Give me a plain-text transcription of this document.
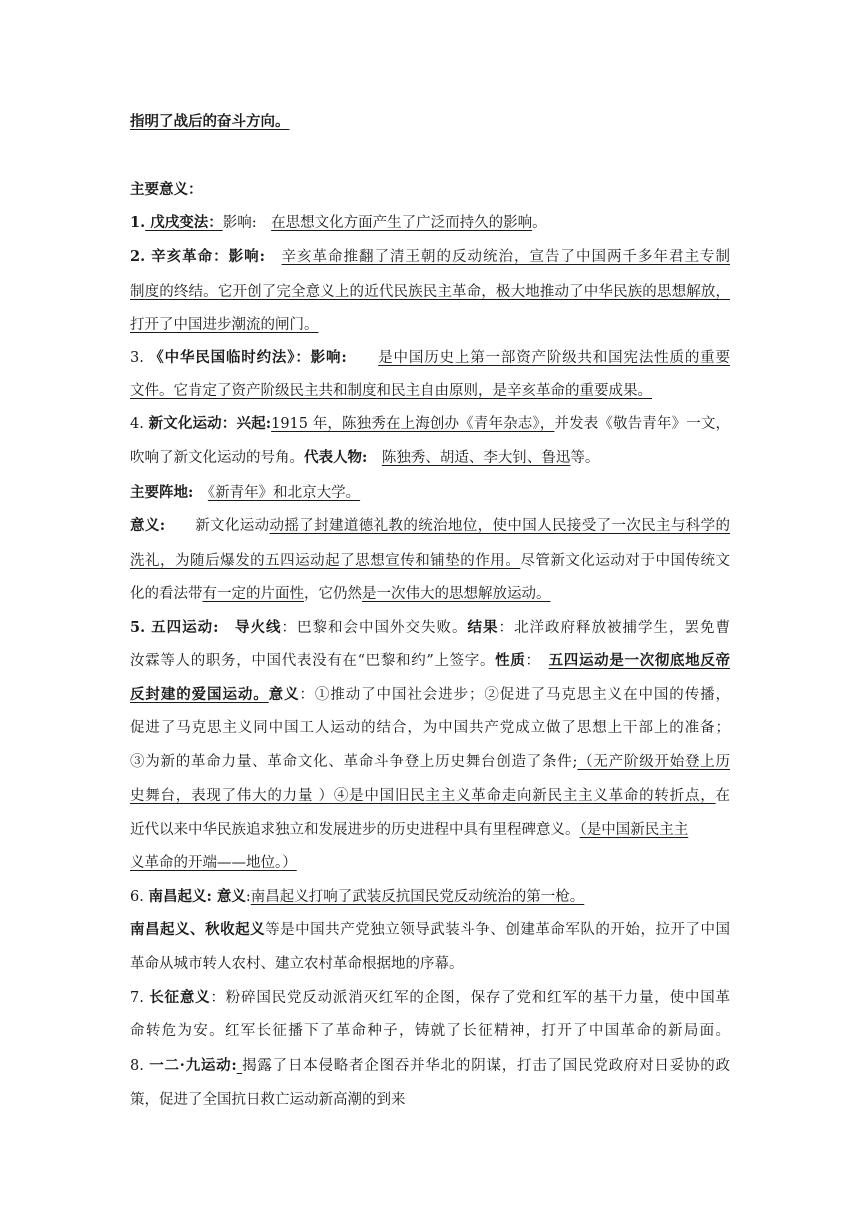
指明了战后的奋斗方向。
主要意义：
1. 戊戌变法：影响:　在思想文化方面产生了广泛而持久的影响。
2. 辛亥革命：影响:　辛亥革命推翻了清王朝的反动统治，宣告了中国两千多年君主专制
制度的终结。它开创了完全意义上的近代民族民主革命，极大地推动了中华民族的思想解放，
打开了中国进步潮流的闸门。
3. 《中华民国临时约法》：影响:　　是中国历史上第一部资产阶级共和国宪法性质的重要
文件。它肯定了资产阶级民主共和制度和民主自由原则，是辛亥革命的重要成果。
4. 新文化运动：兴起:1915 年，陈独秀在上海创办《青年杂志》，并发表《敬告青年》一文，
吹响了新文化运动的号角。代表人物:　 陈独秀、胡适、李大钊、鲁迅等。
主要阵地:　 《新青年》和北京大学。
意义:　　新文化运动动摇了封建道德礼教的统治地位，使中国人民接受了一次民主与科学的
洗礼，为随后爆发的五四运动起了思想宣传和铺垫的作用。尽管新文化运动对于中国传统文
化的看法带有一定的片面性，它仍然是一次伟大的思想解放运动。
5. 五四运动:　导火线：巴黎和会中国外交失败。结果：北洋政府释放被捕学生，罢免曹
汝霖等人的职务，中国代表没有在“巴黎和约”上签字。性质：　五四运动是一次彻底地反帝
反封建的爱国运动。意义：①推动了中国社会进步；②促进了马克思主义在中国的传播，
促进了马克思主义同中国工人运动的结合，为中国共产党成立做了思想上干部上的准备；
③为新的革命力量、革命文化、革命斗争登上历史舞台创造了条件;（无产阶级开始登上历
史舞台，表现了伟大的力量 ）④是中国旧民主主义革命走向新民主主义革命的转折点，在
近代以来中华民族追求独立和发展进步的历史进程中具有里程碑意义。（是中国新民主主
义革命的开端——地位。）
6. 南昌起义: 意义:南昌起义打响了武装反抗国民党反动统治的第一枪。
南昌起义、秋收起义等是中国共产党独立领导武装斗争、创建革命军队的开始，拉开了中国
革命从城市转人农村、建立农村革命根据地的序幕。
7. 长征意义：粉碎国民党反动派消灭红军的企图，保存了党和红军的基干力量，使中国革
命转危为安。红军长征播下了革命种子，铸就了长征精神，打开了中国革命的新局面。
8. 一二·九运动: 揭露了日本侵略者企图吞并华北的阴谋，打击了国民党政府对日妥协的政
策，促进了全国抗日救亡运动新高潮的到来
